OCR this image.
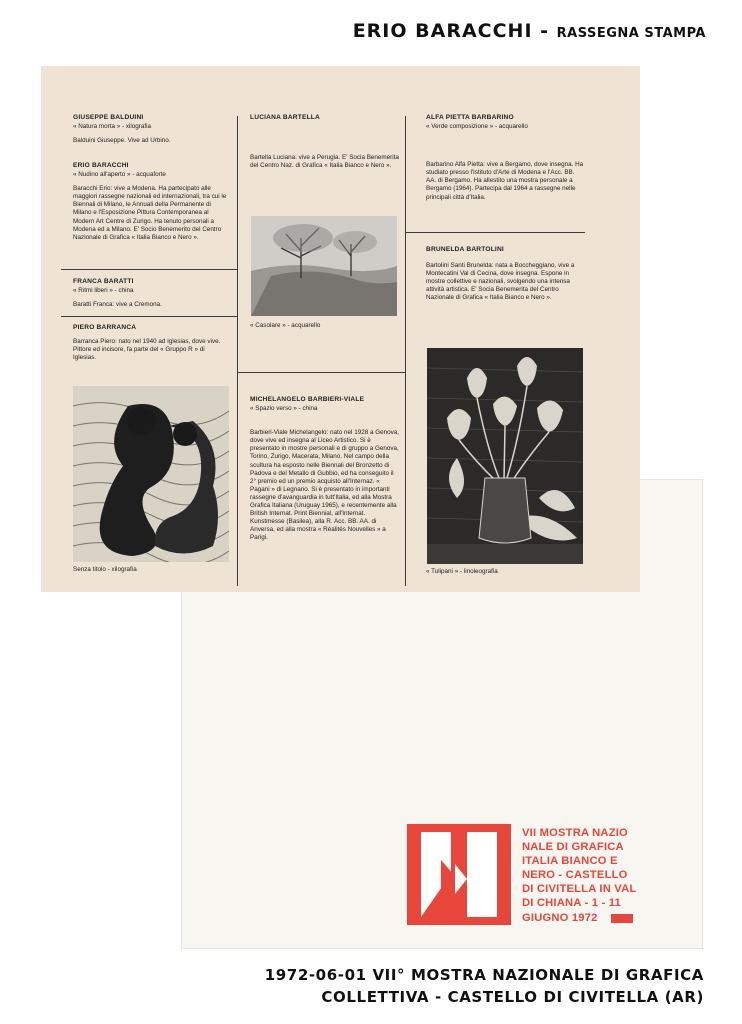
ERIO BARACCHI - RASSEGNA STAMPA
GIUSEPPE BALDUINI
« Natura morta » - xilografia
Balduini Giuseppe. Vive ad Urbino.
ERIO BARACCHI
« Nudino all'aperto » - acquaforte
Baracchi Erio: vive a Modena. Ha partecipato alle maggiori rassegne nazionali ed internazionali, tra cui le Biennali di Milano, le Annuali della Permanente di Milano e l'Esposizione Pittura Contemporanea al Modern Art Centre di Zurigo. Ha tenuto personali a Modena ed a Milano. E' Socio Benemerito del Centro Nazionale di Grafica « Italia Bianco e Nero ».
FRANCA BARATTI
« Ritmi liberi » - china
Baratti Franca: vive a Cremona.
PIERO BARRANCA
Barranca Piero: nato nel 1940 ad Iglesias, dove vive. Pittore ed incisore, fa parte del « Gruppo R » di Iglesias.
Senza titolo - xilografia
LUCIANA BARTELLA
Bartella Luciana: vive a Perugia. E' Socia Benemerita del Centro Naz. di Grafica « Italia Bianco e Nero ».
« Casolare » - acquarello
MICHELANGELO BARBIERI-VIALE
« Spazio verso » - china
Barbieri-Viale Michelangelo: nato nel 1928 a Genova, dove vive ed insegna al Liceo Artistico. Si è presentato in mostre personali e di gruppo a Genova, Torino, Zurigo, Macerata, Milano. Nel campo della scultura ha esposto nelle Biennali del Bronzetto di Padova e del Metallo di Gubbio, ed ha conseguito il 2° premio ed un premio acquisto all'Internaz. « Pagani » di Legnano. Si è presentato in importanti rassegne d'avanguardia in tutt'Italia, ed alla Mostra Grafica Italiana (Uruguay 1965), e recentemente alla British Internat. Print Biennial, all'Internat. Kunstmesse (Basilea), alla R. Acc. BB. AA. di Anversa, ed alla mostra « Réalités Nouvelles » a Parigi.
ALFA PIETTA BARBARINO
« Verde composizione » - acquarello
Barbarino Alfa Pietta: vive a Bergamo, dove insegna. Ha studiato presso l'Istituto d'Arte di Modena e l'Acc. BB. AA. di Bergamo. Ha allestito una mostra personale a Bergamo (1964). Partecipa dal 1964 a rassegne nelle principali città d'Italia.
BRUNELDA BARTOLINI
Bartolini Santi Brunelda: nata a Boccheggiano, vive a Montecatini Val di Cecina, dove insegna. Espone in mostre collettive e nazionali, svolgendo una intensa attività artistica. E' Socia Benemerita del Centro Nazionale di Grafica « Italia Bianco e Nero ».
« Tulipani » - linoleografia
VII MOSTRA NAZIO
NALE DI GRAFICA
ITALIA BIANCO E
NERO - CASTELLO
DI CIVITELLA IN VAL
DI CHIANA - 1 - 11
GIUGNO 1972
1972-06-01 VII° MOSTRA NAZIONALE DI GRAFICA
COLLETTIVA - CASTELLO DI CIVITELLA (AR)
